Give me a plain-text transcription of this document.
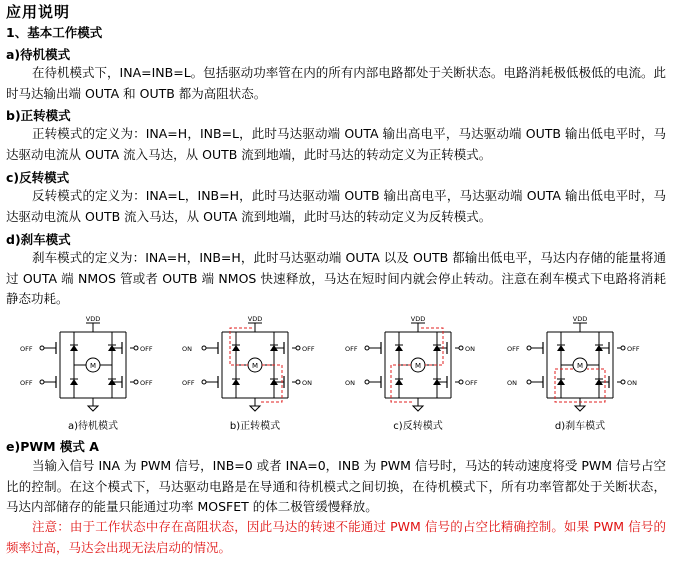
应用说明
1、基本工作模式
a)待机模式

在待机模式下，INA=INB=L。包括驱动功率管在内的所有内部电路都处于关断状态。电路消耗极低极低的电流。此时马达输出端 OUTA 和 OUTB 都为高阻状态。

b)正转模式

正转模式的定义为：INA=H，INB=L，此时马达驱动端 OUTA 输出高电平，马达驱动端 OUTB 输出低电平时，马达驱动电流从 OUTA 流入马达，从 OUTB 流到地端，此时马达的转动定义为正转模式。

c)反转模式

反转模式的定义为：INA=L，INB=H，此时马达驱动端 OUTB 输出高电平，马达驱动端 OUTA 输出低电平时，马达驱动电流从 OUTB 流入马达，从 OUTA 流到地端，此时马达的转动定义为反转模式。

d)刹车模式

刹车模式的定义为：INA=H，INB=H，此时马达驱动端 OUTA 以及 OUTB 都输出低电平，马达内存储的能量将通过 OUTA 端 NMOS 管或者 OUTB 端 NMOS 快速释放，马达在短时间内就会停止转动。注意在刹车模式下电路将消耗静态功耗。

VDD
M
OFF
OFF
OFF
OFF
a)待机模式
VDD
M
ON
OFF
OFF
ON
b)正转模式
VDD
M
OFF
ON
ON
OFF
c)反转模式
VDD
M
OFF
ON
OFF
ON
d)刹车模式
e)PWM 模式 A

当输入信号 INA 为 PWM 信号，INB=0 或者 INA=0，INB 为 PWM 信号时，马达的转动速度将受 PWM 信号占空比的控制。在这个模式下，马达驱动电路是在导通和待机模式之间切换，在待机模式下，所有功率管都处于关断状态，马达内部储存的能量只能通过功率 MOSFET 的体二极管缓慢释放。

注意：由于工作状态中存在高阻状态，因此马达的转速不能通过 PWM 信号的占空比精确控制。如果 PWM 信号的频率过高，马达会出现无法启动的情况。
